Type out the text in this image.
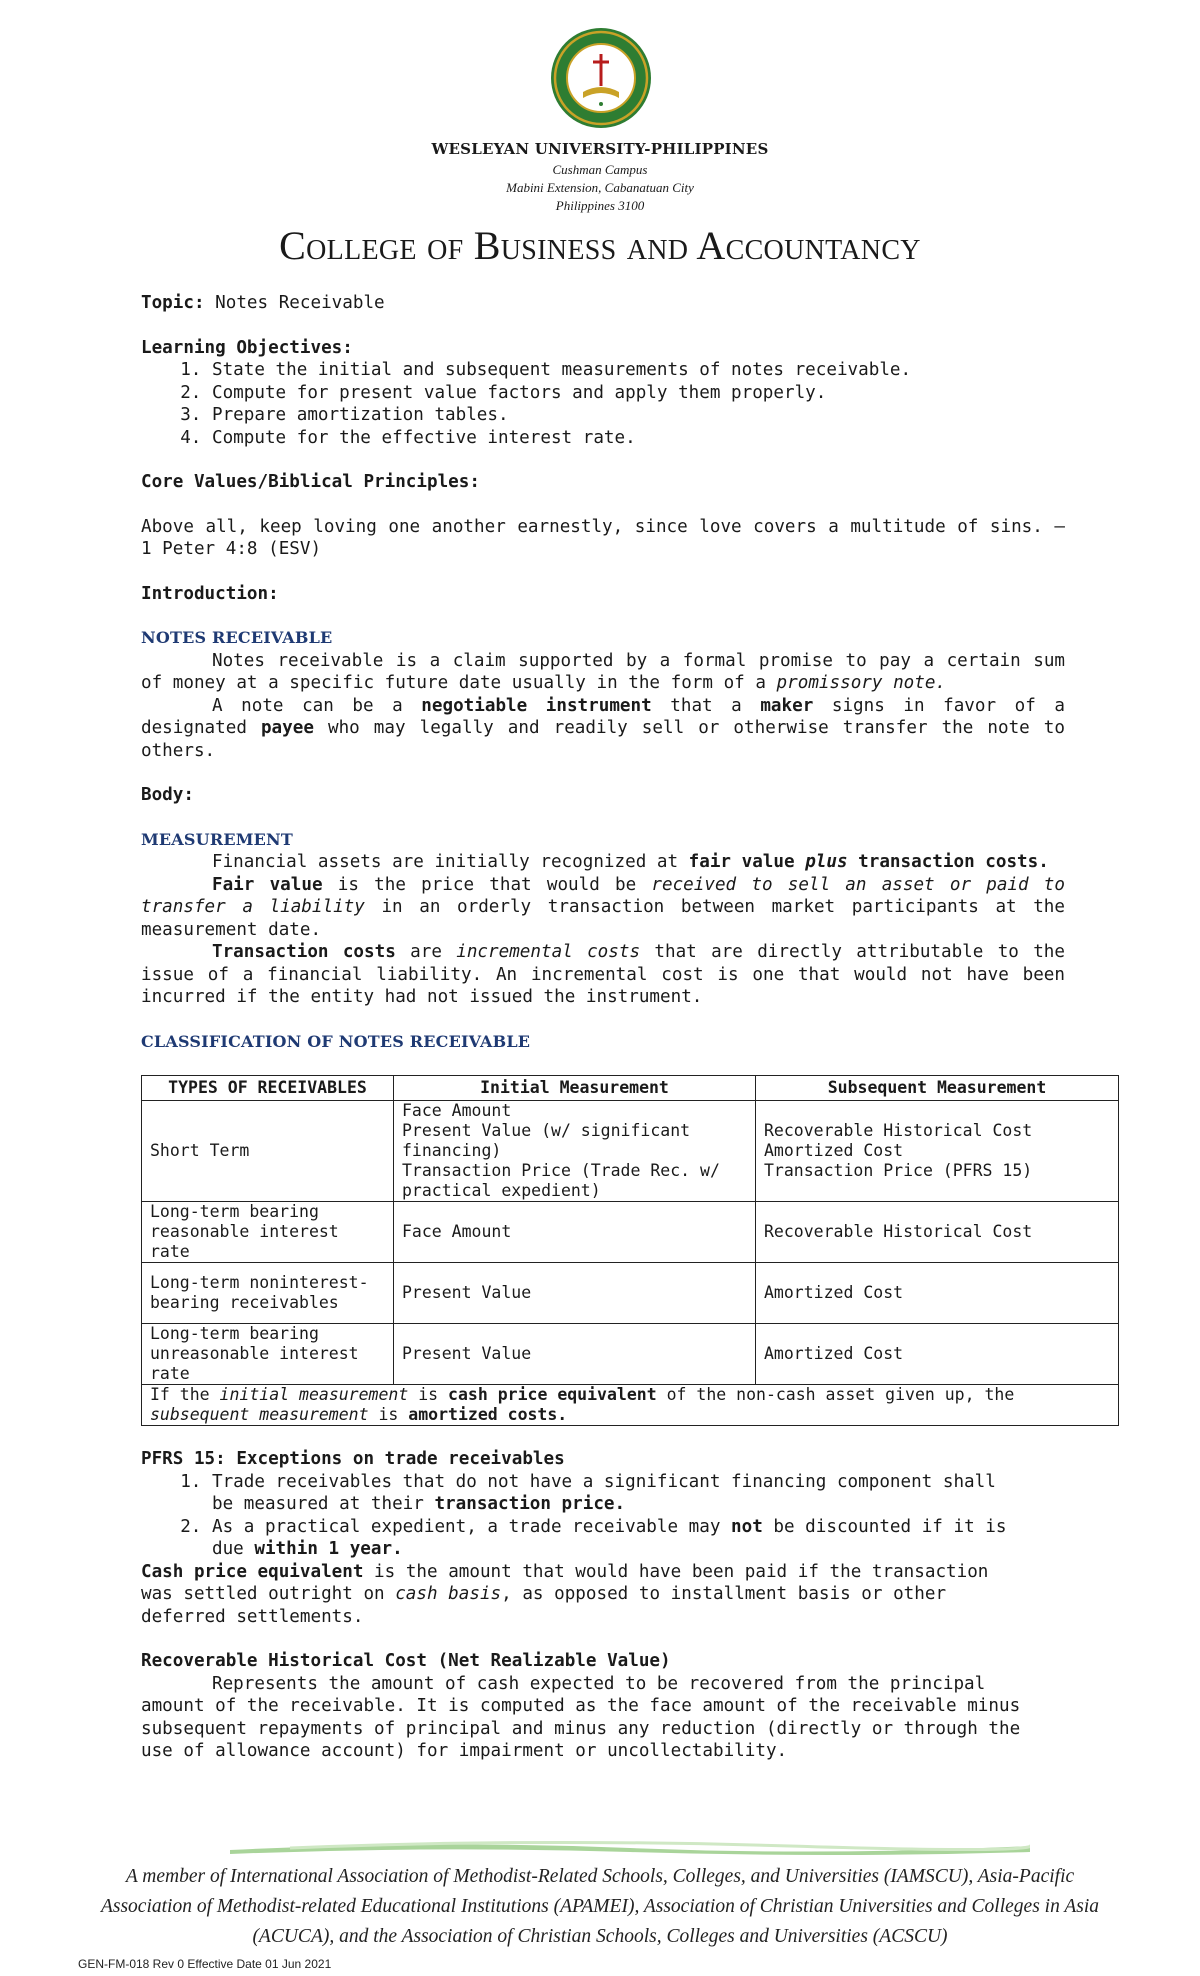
WESLEYAN UNIVERSITY-PHILIPPINES
Cushman Campus
Mabini Extension, Cabanatuan City
Philippines 3100
College of Business and Accountancy

Topic: Notes Receivable

Learning Objectives:

1. State the initial and subsequent measurements of notes receivable.
2. Compute for present value factors and apply them properly.
3. Prepare amortization tables.
4. Compute for the effective interest rate.

Core Values/Biblical Principles:

Above all, keep loving one another earnestly, since love covers a multitude of sins. – 1 Peter 4:8 (ESV)

Introduction:

NOTES RECEIVABLE

Notes receivable is a claim supported by a formal promise to pay a certain sum of money at a specific future date usually in the form of a promissory note.

A note can be a negotiable instrument that a maker signs in favor of a designated payee who may legally and readily sell or otherwise transfer the note to others.

Body:

MEASUREMENT

Financial assets are initially recognized at fair value plus transaction costs.

Fair value is the price that would be received to sell an asset or paid to transfer a liability in an orderly transaction between market participants at the measurement date.

Transaction costs are incremental costs that are directly attributable to the issue of a financial liability. An incremental cost is one that would not have been incurred if the entity had not issued the instrument.

CLASSIFICATION OF NOTES RECEIVABLE

TYPES OF RECEIVABLES	Initial Measurement	Subsequent Measurement
Short Term	Face Amount
Present Value (w/ significant financing)
Transaction Price (Trade Rec. w/ practical expedient)	Recoverable Historical Cost
Amortized Cost
Transaction Price (PFRS 15)

Long-term bearing reasonable interest rate	Face Amount	Recoverable Historical Cost
Long-term noninterest-bearing receivables	Present Value	Amortized Cost
Long-term bearing unreasonable interest rate	Present Value	Amortized Cost
If the initial measurement is cash price equivalent of the non-cash asset given up, the subsequent measurement is amortized costs.		

PFRS 15: Exceptions on trade receivables

1. Trade receivables that do not have a significant financing component shall be measured at their transaction price.
2. As a practical expedient, a trade receivable may not be discounted if it is due within 1 year.

Cash price equivalent is the amount that would have been paid if the transaction was settled outright on cash basis, as opposed to installment basis or other deferred settlements.

Recoverable Historical Cost (Net Realizable Value)

Represents the amount of cash expected to be recovered from the principal amount of the receivable. It is computed as the face amount of the receivable minus subsequent repayments of principal and minus any reduction (directly or through the use of allowance account) for impairment or uncollectability.

A member of International Association of Methodist-Related Schools, Colleges, and Universities (IAMSCU), Asia-Pacific Association of Methodist-related Educational Institutions (APAMEI), Association of Christian Universities and Colleges in Asia (ACUCA), and the Association of Christian Schools, Colleges and Universities (ACSCU)
GEN-FM-018 Rev 0 Effective Date 01 Jun 2021
